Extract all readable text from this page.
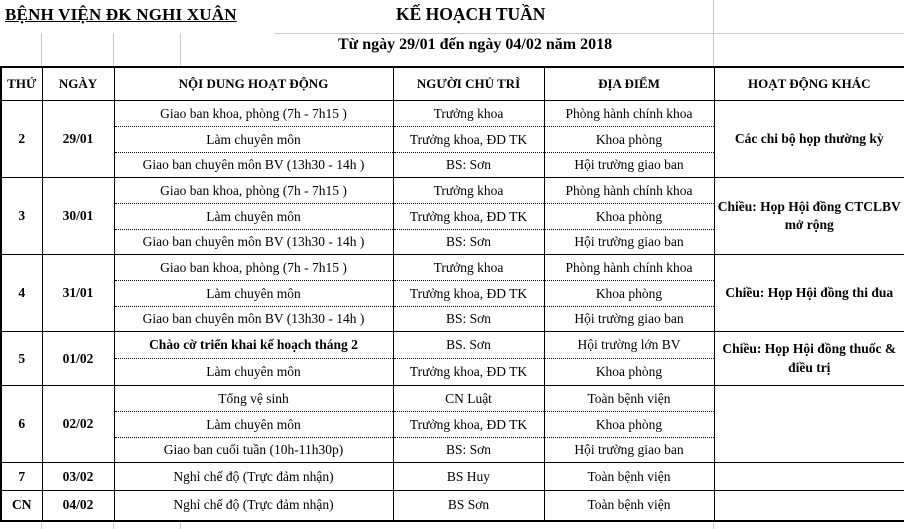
BỆNH VIỆN ĐK NGHI XUÂN	KẾ HOẠCH TUẦN
Từ ngày 29/01 đến ngày 04/02 năm 2018
THỨ	NGÀY	NỘI DUNG HOẠT ĐỘNG	NGƯỜI CHỦ TRÌ	ĐỊA ĐIỂM	HOẠT ĐỘNG KHÁC
2	29/01	Giao ban khoa, phòng (7h - 7h15 )	Trưởng khoa	Phòng hành chính khoa	Các chi bộ họp thường kỳ
		Làm chuyên môn	Trưởng khoa, ĐD TK	Khoa phòng	
		Giao ban chuyên môn BV (13h30 - 14h )	BS: Sơn	Hội trường giao ban	
3	30/01	Giao ban khoa, phòng (7h - 7h15 )	Trưởng khoa	Phòng hành chính khoa	Chiều: Họp Hội đồng CTCLBV mở rộng
		Làm chuyên môn	Trưởng khoa, ĐD TK	Khoa phòng	
		Giao ban chuyên môn BV (13h30 - 14h )	BS: Sơn	Hội trường giao ban	
4	31/01	Giao ban khoa, phòng (7h - 7h15 )	Trưởng khoa	Phòng hành chính khoa	Chiều: Họp Hội đồng thi đua
		Làm chuyên môn	Trưởng khoa, ĐD TK	Khoa phòng	
		Giao ban chuyên môn BV (13h30 - 14h )	BS: Sơn	Hội trường giao ban	
5	01/02	Chào cờ triển khai kế hoạch tháng 2	BS. Sơn	Hội trường lớn BV	Chiều: Họp Hội đồng thuốc & điều trị
		Làm chuyên môn	Trưởng khoa, ĐD TK	Khoa phòng	
6	02/02	Tổng vệ sinh	CN Luật	Toàn bệnh viện	
		Làm chuyên môn	Trưởng khoa, ĐD TK	Khoa phòng	
		Giao ban cuối tuần (10h-11h30p)	BS: Sơn	Hội trường giao ban	
7	03/02	Nghỉ chế độ (Trực đảm nhận)	BS Huy	Toàn bệnh viện	
CN	04/02	Nghỉ chế độ (Trực đảm nhận)	BS Sơn	Toàn bệnh viện	
